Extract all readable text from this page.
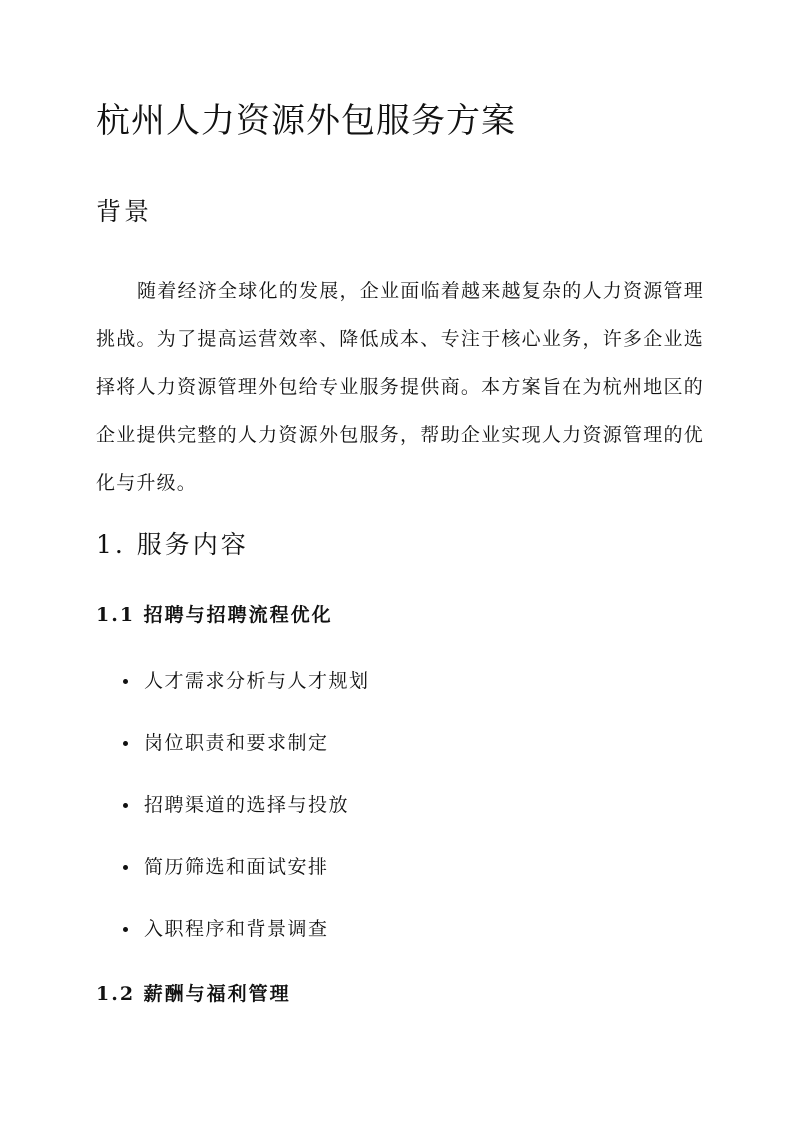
杭州人力资源外包服务方案
背景

随着经济全球化的发展，企业面临着越来越复杂的人力资源管理挑战。为了提高运营效率、降低成本、专注于核心业务，许多企业选择将人力资源管理外包给专业服务提供商。本方案旨在为杭州地区的企业提供完整的人力资源外包服务，帮助企业实现人力资源管理的优化与升级。

1. 服务内容
1.1 招聘与招聘流程优化
人才需求分析与人才规划
岗位职责和要求制定
招聘渠道的选择与投放
简历筛选和面试安排
入职程序和背景调查
1.2 薪酬与福利管理
